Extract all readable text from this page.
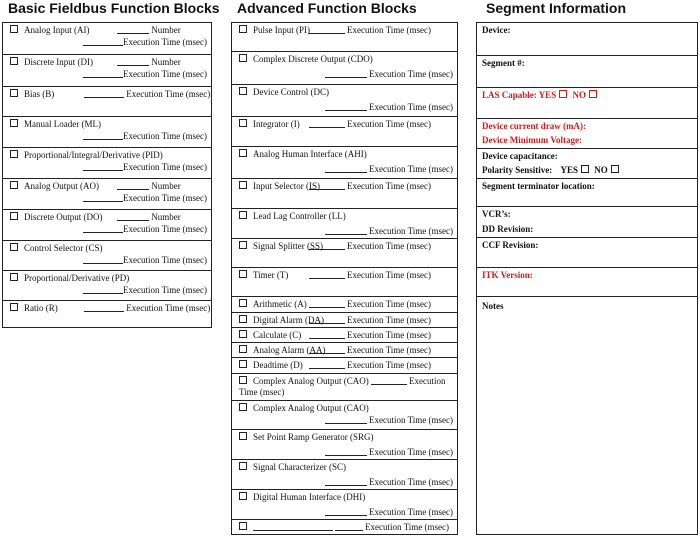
Basic Fieldbus Function Blocks Advanced Function Blocks	Segment Information
Analog Input (AI)	Number
Execution Time (msec)
Discrete Input (DI)	Number
Execution Time (msec)
Bias (B)	Execution Time (msec)
Manual Loader (ML)
Execution Time (msec)
Proportional/Integral/Derivative (PID)
Execution Time (msec)
Analog Output (AO)	Number
Execution Time (msec)
Discrete Output (DO)	Number
Execution Time (msec)
Control Selector (CS)
Execution Time (msec)
Proportional/Derivative (PD)
Execution Time (msec)
Ratio (R)	Execution Time (msec)
Pulse Input (PI)	Execution Time (msec)
Complex Discrete Output (CDO)
Execution Time (msec)
Device Control (DC)
Execution Time (msec)
Integrator (I)	Execution Time (msec)
Analog Human Interface (AHI)
Execution Time (msec)
Input Selector (IS)	Execution Time (msec)
Lead Lag Controller (LL)
Execution Time (msec)
Signal Splitter (SS)	Execution Time (msec)
Timer (T)	Execution Time (msec)
Arithmetic (A)	Execution Time (msec)
Digital Alarm (DA)	Execution Time (msec)
Calculate (C)	Execution Time (msec)
Analog Alarm (AA)	Execution Time (msec)
Deadtime (D)	Execution Time (msec)
Complex Analog Output (CAO)	Execution Time (msec)
Complex Analog Output (CAO)
Execution Time (msec)
Set Point Ramp Generator (SRG)
Execution Time (msec)
Signal Characterizer (SC)
Execution Time (msec)
Digital Human Interface (DHI)
Execution Time (msec)
Execution Time (msec)
Device:
Segment #:
LAS Capable: YES NO
Device current draw (mA):
Device Minimum Voltage:
Device capacitance:
Polarity Sensitive: YES NO
Segment terminator location:
VCR’s:
DD Revision:
CCF Revision:
ITK Version:
Notes
